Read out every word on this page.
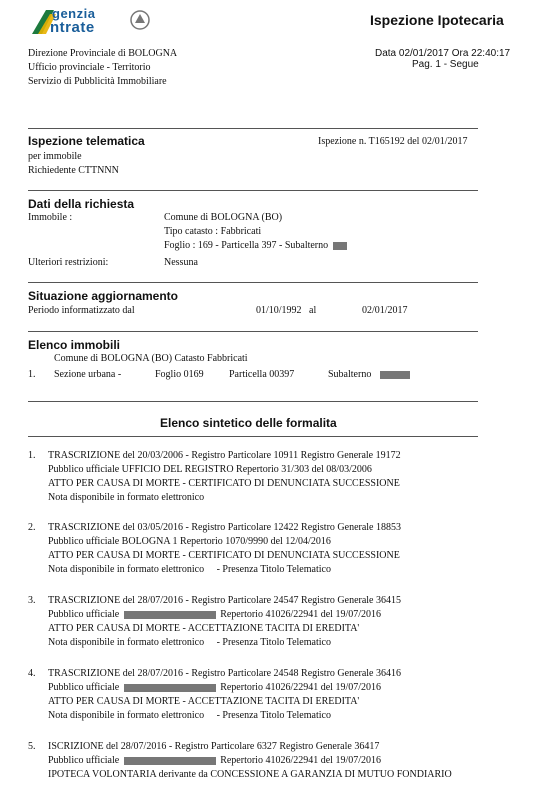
genzia
ntrate	Ispezione Ipotecaria
Direzione Provinciale di BOLOGNA
Ufficio provinciale - Territorio
Servizio di Pubblicità Immobiliare
Data 02/01/2017 Ora 22:40:17
Pag. 1 - Segue
Ispezione telematica	Ispezione n. T165192 del 02/01/2017
per immobile
Richiedente CTTNNN
Dati della richiesta
Immobile :	Comune di BOLOGNA (BO)
Tipo catasto : Fabbricati
Foglio : 169 - Particella 397 - Subalterno
Ulteriori restrizioni:	Nessuna
Situazione aggiornamento
Periodo informatizzato dal	01/10/1992 al	02/01/2017
Elenco immobili
Comune di BOLOGNA (BO) Catasto Fabbricati
1. Sezione urbana -	Foglio 0169	Particella 00397	Subalterno
Elenco sintetico delle formalita
1. TRASCRIZIONE del 20/03/2006 - Registro Particolare 10911 Registro Generale 19172
Pubblico ufficiale UFFICIO DEL REGISTRO Repertorio 31/303 del 08/03/2006
ATTO PER CAUSA DI MORTE - CERTIFICATO DI DENUNCIATA SUCCESSIONE
Nota disponibile in formato elettronico
2. TRASCRIZIONE del 03/05/2016 - Registro Particolare 12422 Registro Generale 18853
Pubblico ufficiale BOLOGNA 1 Repertorio 1070/9990 del 12/04/2016
ATTO PER CAUSA DI MORTE - CERTIFICATO DI DENUNCIATA SUCCESSIONE
Nota disponibile in formato elettronico     - Presenza Titolo Telematico
3. TRASCRIZIONE del 28/07/2016 - Registro Particolare 24547 Registro Generale 36415
Pubblico ufficiale	Repertorio 41026/22941 del 19/07/2016
ATTO PER CAUSA DI MORTE - ACCETTAZIONE TACITA DI EREDITA'
Nota disponibile in formato elettronico     - Presenza Titolo Telematico
4. TRASCRIZIONE del 28/07/2016 - Registro Particolare 24548 Registro Generale 36416
Pubblico ufficiale	Repertorio 41026/22941 del 19/07/2016
ATTO PER CAUSA DI MORTE - ACCETTAZIONE TACITA DI EREDITA'
Nota disponibile in formato elettronico     - Presenza Titolo Telematico
5. ISCRIZIONE del 28/07/2016 - Registro Particolare 6327 Registro Generale 36417
Pubblico ufficiale	Repertorio 41026/22941 del 19/07/2016
IPOTECA VOLONTARIA derivante da CONCESSIONE A GARANZIA DI MUTUO FONDIARIO
